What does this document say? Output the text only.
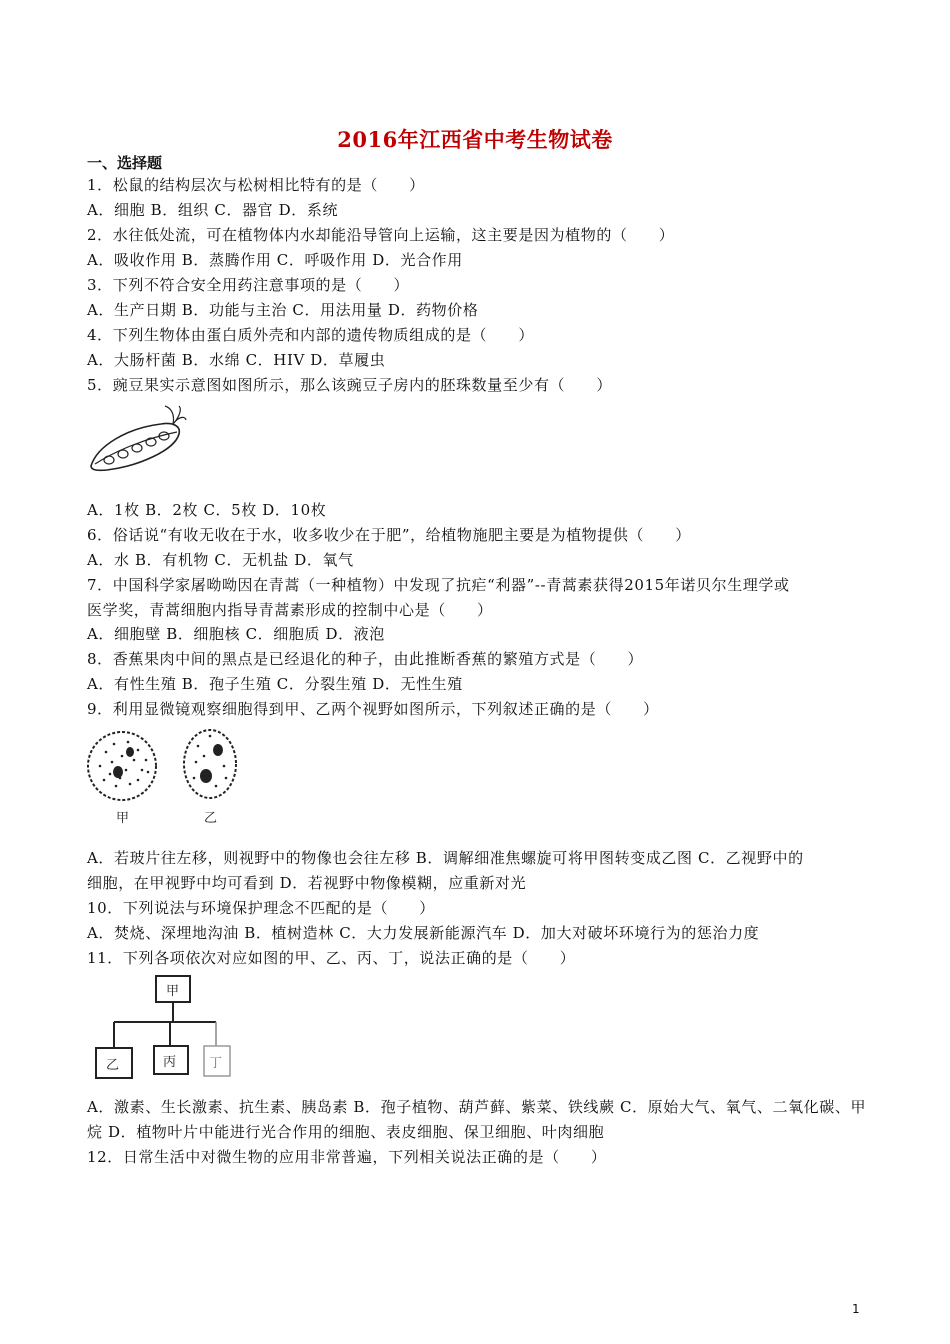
2016年江西省中考生物试卷
一、选择题
1．松鼠的结构层次与松树相比特有的是（　　）
A．细胞 B．组织 C．器官 D．系统
2．水往低处流，可在植物体内水却能沿导管向上运输，这主要是因为植物的（　　）
A．吸收作用 B．蒸腾作用 C．呼吸作用 D．光合作用
3．下列不符合安全用药注意事项的是（　　）
A．生产日期 B．功能与主治 C．用法用量 D．药物价格
4．下列生物体由蛋白质外壳和内部的遗传物质组成的是（　　）
A．大肠杆菌 B．水绵 C．HIV D．草履虫
5．豌豆果实示意图如图所示，那么该豌豆子房内的胚珠数量至少有（　　）
A．1枚 B．2枚 C．5枚 D．10枚
6．俗话说“有收无收在于水，收多收少在于肥”，给植物施肥主要是为植物提供（　　）
A．水 B．有机物 C．无机盐 D．氧气
7．中国科学家屠呦呦因在青蒿（一种植物）中发现了抗疟“利器”--青蒿素获得2015年诺贝尔生理学或
医学奖，青蒿细胞内指导青蒿素形成的控制中心是（　　）
A．细胞壁 B．细胞核 C．细胞质 D．液泡
8．香蕉果肉中间的黑点是已经退化的种子，由此推断香蕉的繁殖方式是（　　）
A．有性生殖 B．孢子生殖 C．分裂生殖 D．无性生殖
9．利用显微镜观察细胞得到甲、乙两个视野如图所示，下列叙述正确的是（　　）
甲	乙
A．若玻片往左移，则视野中的物像也会往左移 B．调解细准焦螺旋可将甲图转变成乙图 C．乙视野中的
细胞，在甲视野中均可看到 D．若视野中物像模糊，应重新对光
10．下列说法与环境保护理念不匹配的是（　　）
A．焚烧、深埋地沟油 B．植树造林 C．大力发展新能源汽车 D．加大对破坏环境行为的惩治力度
11．下列各项依次对应如图的甲、乙、丙、丁，说法正确的是（　　）
甲
乙	丙	丁
A．激素、生长激素、抗生素、胰岛素 B．孢子植物、葫芦藓、紫菜、铁线蕨 C．原始大气、氧气、二氧化碳、甲
烷 D．植物叶片中能进行光合作用的细胞、表皮细胞、保卫细胞、叶肉细胞
12．日常生活中对微生物的应用非常普遍，下列相关说法正确的是（　　）
1
